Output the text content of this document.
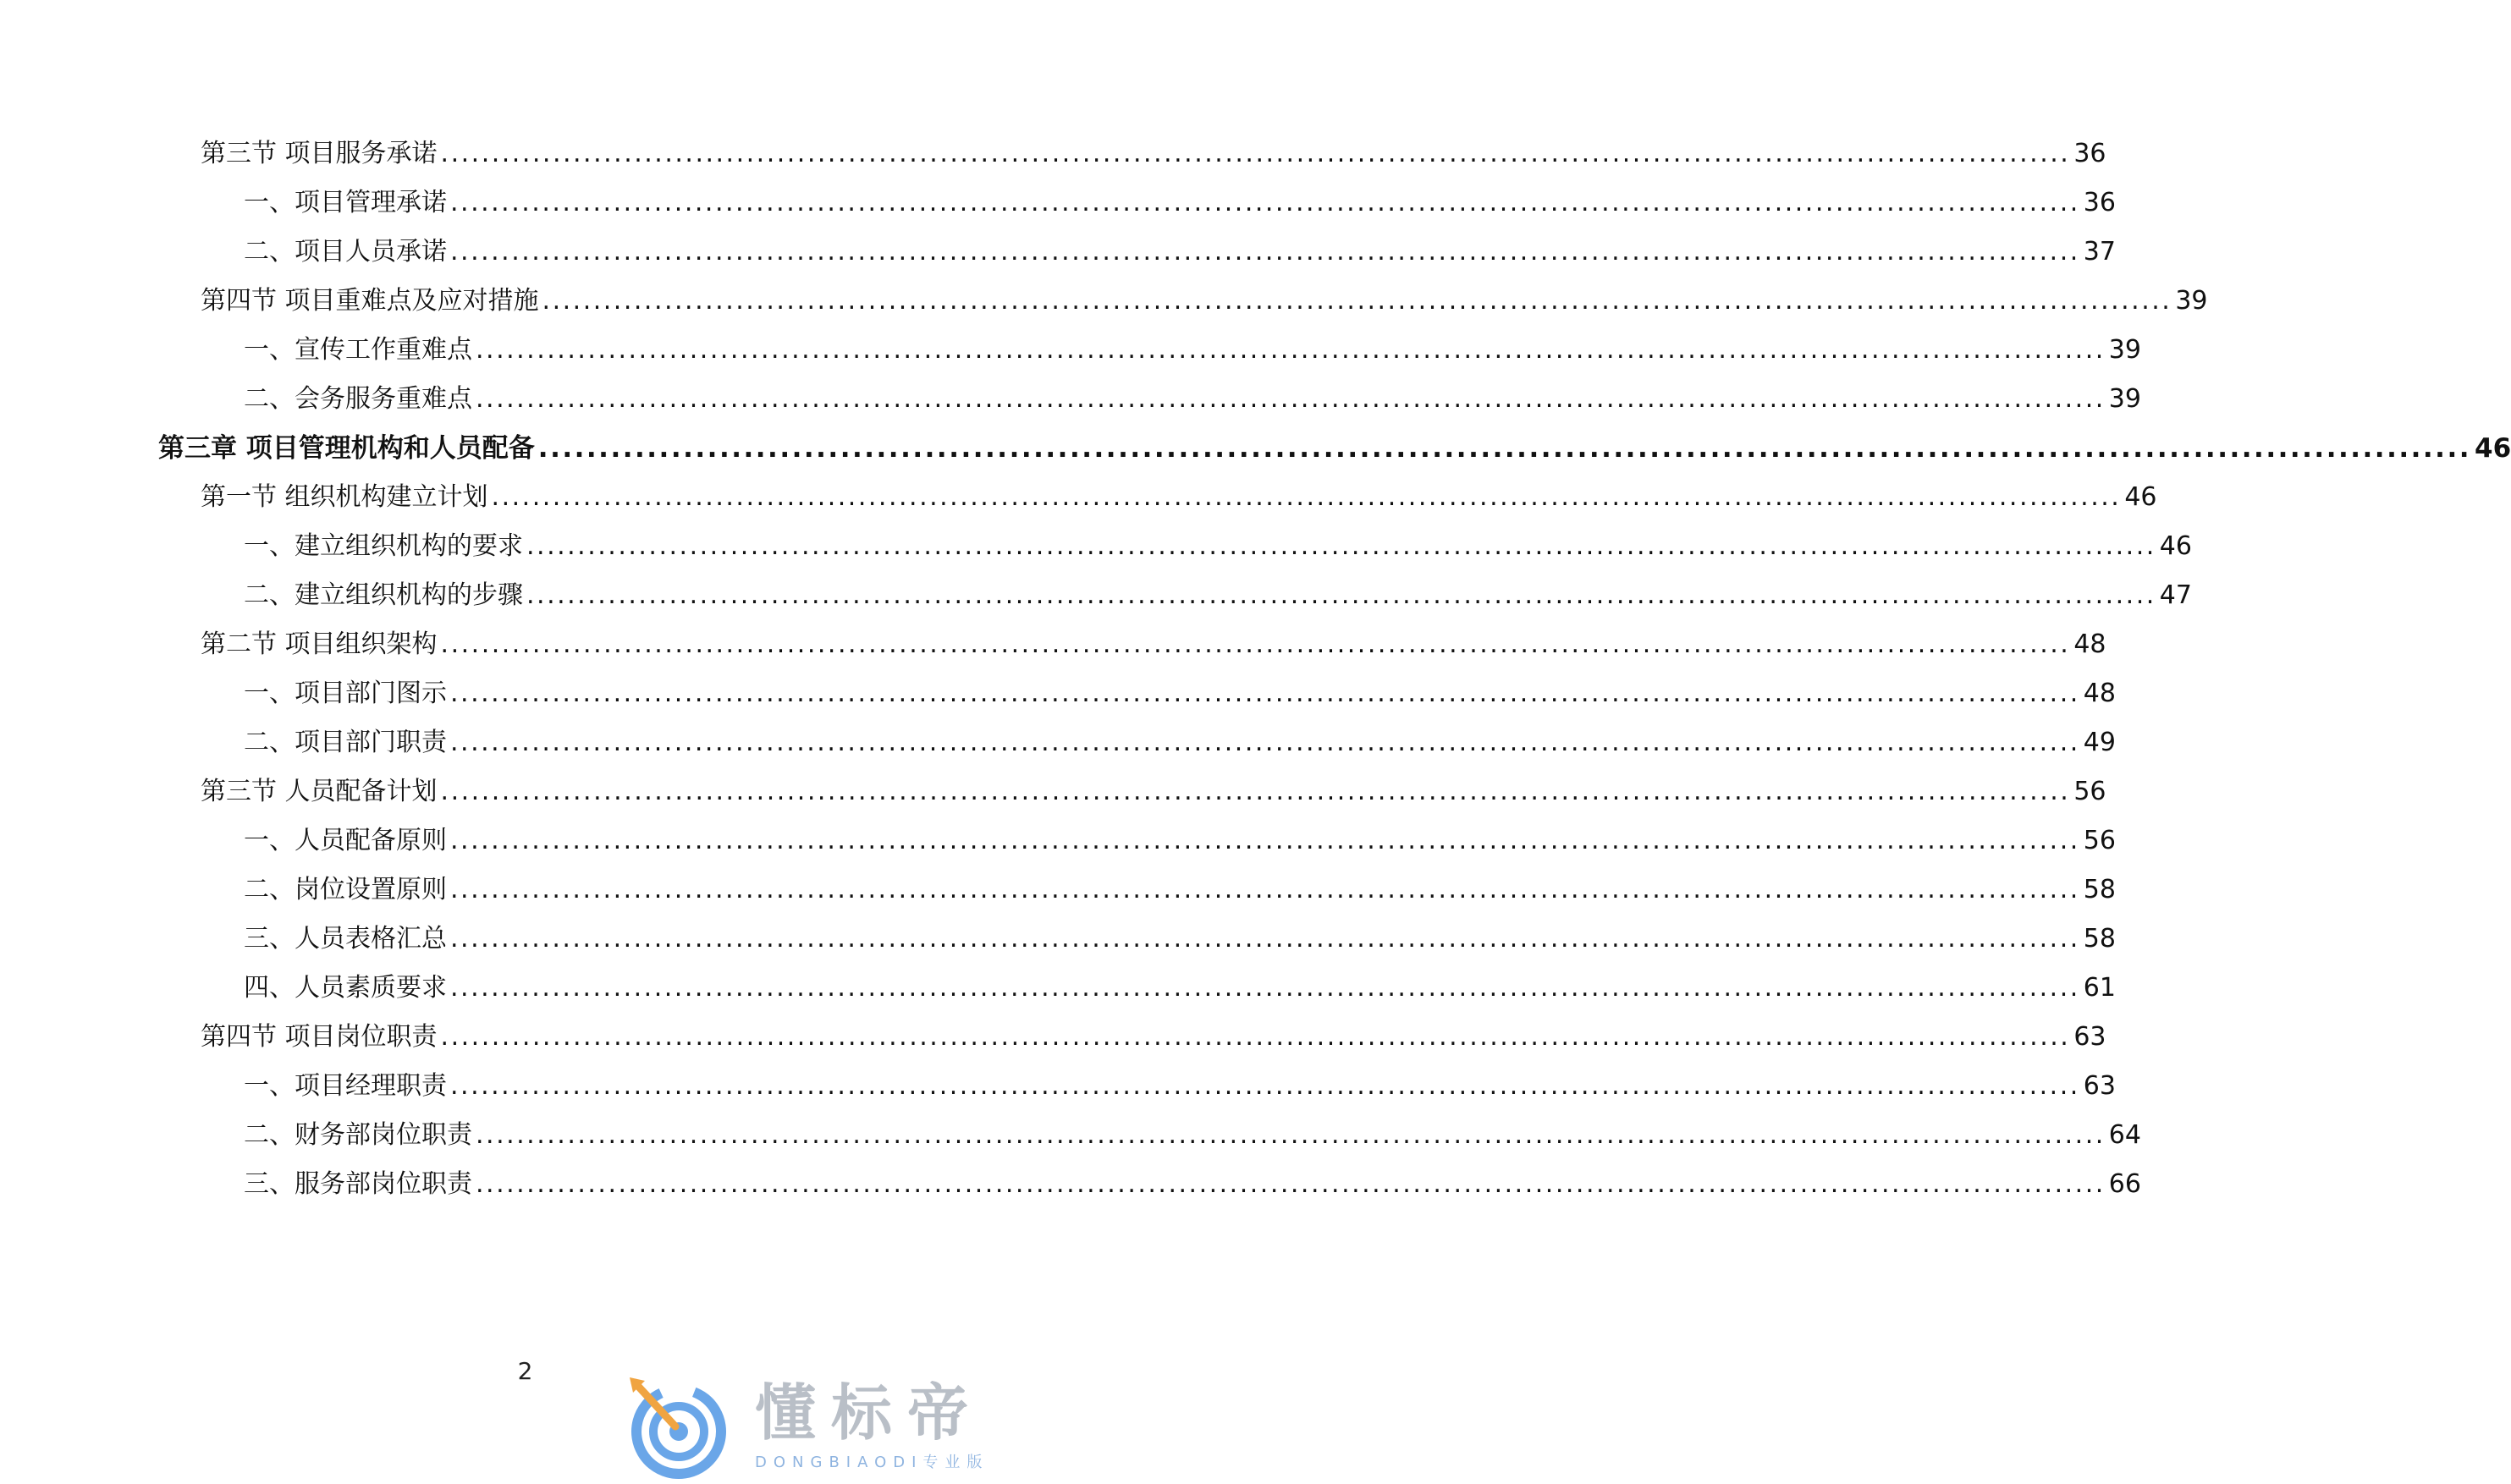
第三节 项目服务承诺 ................................................................................................................................................................ 36
一、项目管理承诺 ................................................................................................................................................................ 36
二、项目人员承诺 ................................................................................................................................................................ 37
第四节 项目重难点及应对措施 ................................................................................................................................................................ 39
一、宣传工作重难点 ................................................................................................................................................................ 39
二、会务服务重难点 ................................................................................................................................................................ 39
第三章 项目管理机构和人员配备 ................................................................................................................................................................ 46
第一节 组织机构建立计划 ................................................................................................................................................................ 46
一、建立组织机构的要求 ................................................................................................................................................................ 46
二、建立组织机构的步骤 ................................................................................................................................................................ 47
第二节 项目组织架构 ................................................................................................................................................................ 48
一、项目部门图示 ................................................................................................................................................................ 48
二、项目部门职责 ................................................................................................................................................................ 49
第三节 人员配备计划 ................................................................................................................................................................ 56
一、人员配备原则 ................................................................................................................................................................ 56
二、岗位设置原则 ................................................................................................................................................................ 58
三、人员表格汇总 ................................................................................................................................................................ 58
四、人员素质要求 ................................................................................................................................................................ 61
第四节 项目岗位职责 ................................................................................................................................................................ 63
一、项目经理职责 ................................................................................................................................................................ 63
二、财务部岗位职责 ................................................................................................................................................................ 64
三、服务部岗位职责 ................................................................................................................................................................ 66
2
懂标帝
DONGBIAODI专业版
